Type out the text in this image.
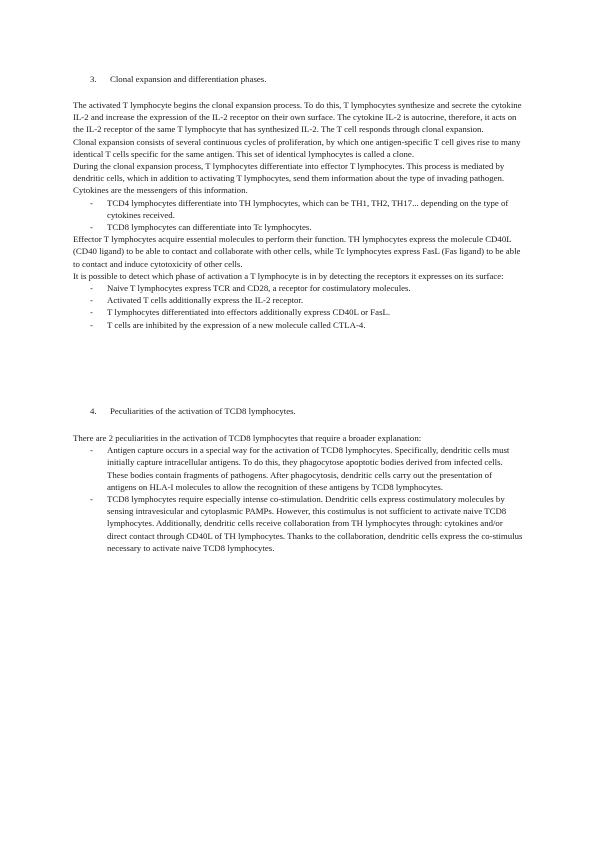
3. Clonal expansion and differentiation phases.

The activated T lymphocyte begins the clonal expansion process. To do this, T lymphocytes synthesize and secrete the cytokine IL-2 and increase the expression of the IL-2 receptor on their own surface. The cytokine IL-2 is autocrine, therefore, it acts on the IL-2 receptor of the same T lymphocyte that has synthesized IL-2. The T cell responds through clonal expansion.

Clonal expansion consists of several continuous cycles of proliferation, by which one antigen-specific T cell gives rise to many identical T cells specific for the same antigen. This set of identical lymphocytes is called a clone.

During the clonal expansion process, T lymphocytes differentiate into effector T lymphocytes. This process is mediated by dendritic cells, which in addition to activating T lymphocytes, send them information about the type of invading pathogen. Cytokines are the messengers of this information.

- TCD4 lymphocytes differentiate into TH lymphocytes, which can be TH1, TH2, TH17... depending on the type of cytokines received.
- TCD8 lymphocytes can differentiate into Tc lymphocytes.

Effector T lymphocytes acquire essential molecules to perform their function. TH lymphocytes express the molecule CD40L (CD40 ligand) to be able to contact and collaborate with other cells, while Tc lymphocytes express FasL (Fas ligand) to be able to contact and induce cytotoxicity of other cells.

It is possible to detect which phase of activation a T lymphocyte is in by detecting the receptors it expresses on its surface:

- Naive T lymphocytes express TCR and CD28, a receptor for costimulatory molecules.
- Activated T cells additionally express the IL-2 receptor.
- T lymphocytes differentiated into effectors additionally express CD40L or FasL.
- T cells are inhibited by the expression of a new molecule called CTLA-4.
4. Peculiarities of the activation of TCD8 lymphocytes.

There are 2 peculiarities in the activation of TCD8 lymphocytes that require a broader explanation:

- Antigen capture occurs in a special way for the activation of TCD8 lymphocytes. Specifically, dendritic cells must initially capture intracellular antigens. To do this, they phagocytose apoptotic bodies derived from infected cells. These bodies contain fragments of pathogens. After phagocytosis, dendritic cells carry out the presentation of antigens on HLA-I molecules to allow the recognition of these antigens by TCD8 lymphocytes.
- TCD8 lymphocytes require especially intense co-stimulation. Dendritic cells express costimulatory molecules by sensing intravesicular and cytoplasmic PAMPs. However, this costimulus is not sufficient to activate naive TCD8 lymphocytes. Additionally, dendritic cells receive collaboration from TH lymphocytes through: cytokines and/or direct contact through CD40L of TH lymphocytes. Thanks to the collaboration, dendritic cells express the co-stimulus necessary to activate naive TCD8 lymphocytes.
